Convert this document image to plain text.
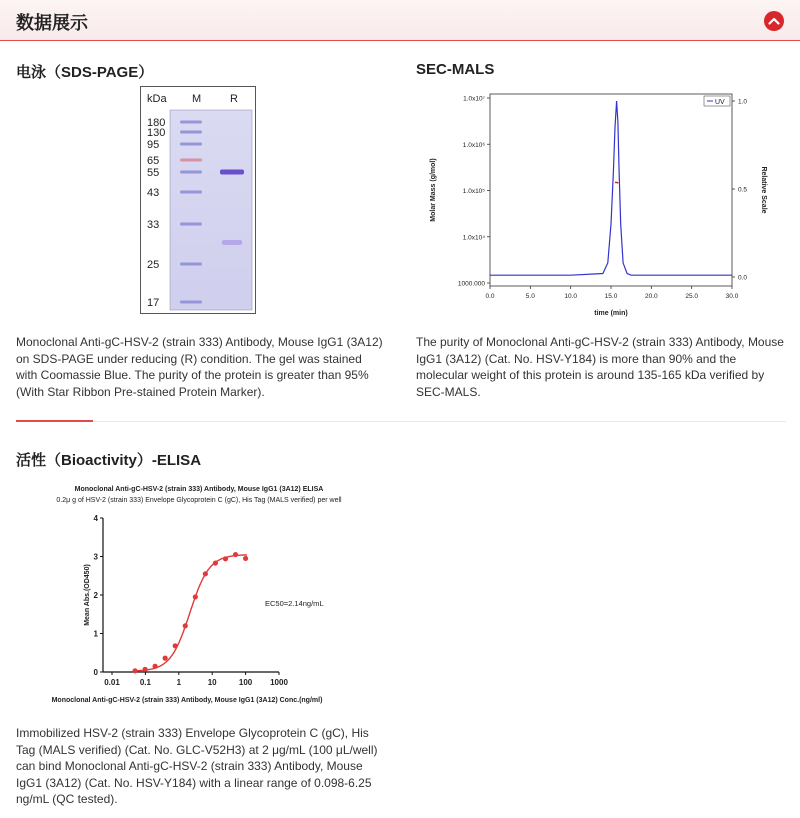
数据展示
电泳（SDS-PAGE）
kDa M	R
180
130
95
65
55
43
33
25
17
Monoclonal Anti-gC-HSV-2 (strain 333) Antibody, Mouse IgG1 (3A12) on SDS-PAGE under reducing (R) condition. The gel was stained with Coomassie Blue. The purity of the protein is greater than 95% (With Star Ribbon Pre-stained Protein Marker).
SEC-MALS
1.0x10⁷
1.0x10⁶
1.0x10⁵
1.0x10⁴
1000.000
1.0
0.5
0.0
0.0	5.0	10.0	15.0	20.0	25.0	30.0
Molar Mass (g/mol)	Relative Scale
time (min)
UV
The purity of Monoclonal Anti-gC-HSV-2 (strain 333) Antibody, Mouse IgG1 (3A12) (Cat. No. HSV-Y184) is more than 90% and the molecular weight of this protein is around 135-165 kDa verified by SEC-MALS.
活性（Bioactivity）-ELISA
Monoclonal Anti-gC-HSV-2 (strain 333) Antibody, Mouse IgG1 (3A12) ELISA
0.2μ g of HSV-2 (strain 333) Envelope Glycoprotein C (gC), His Tag (MALS verified) per well
0
1
2
3
4
0.01	0.1	1	10	100 1000
Mean Abs.(OD450)
Monoclonal Anti-gC-HSV-2 (strain 333) Antibody, Mouse IgG1 (3A12) Conc.(ng/ml)
EC50=2.14ng/mL
Immobilized HSV-2 (strain 333) Envelope Glycoprotein C (gC), His Tag (MALS verified) (Cat. No. GLC-V52H3) at 2 μg/mL (100 μL/well) can bind Monoclonal Anti-gC-HSV-2 (strain 333) Antibody, Mouse IgG1 (3A12) (Cat. No. HSV-Y184) with a linear range of 0.098-6.25 ng/mL (QC tested).
